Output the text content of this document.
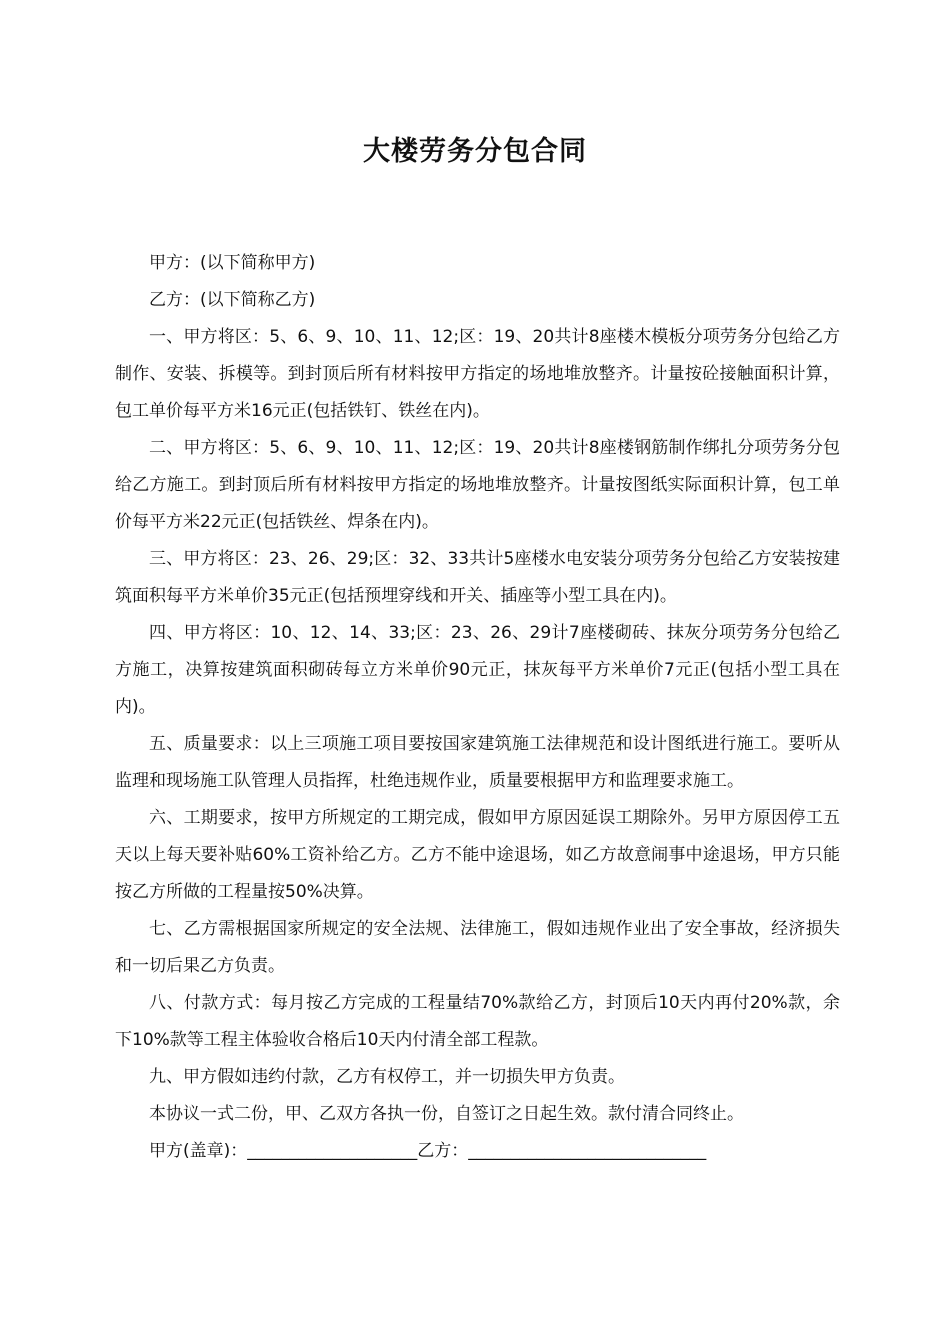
大楼劳务分包合同

甲方：(以下简称甲方)

乙方：(以下简称乙方)

一、甲方将区：5、6、9、10、11、12;区：19、20共计8座楼木模板分项劳务分包给乙方制作、安装、拆模等。到封顶后所有材料按甲方指定的场地堆放整齐。计量按砼接触面积计算，包工单价每平方米16元正(包括铁钉、铁丝在内)。

二、甲方将区：5、6、9、10、11、12;区：19、20共计8座楼钢筋制作绑扎分项劳务分包给乙方施工。到封顶后所有材料按甲方指定的场地堆放整齐。计量按图纸实际面积计算，包工单价每平方米22元正(包括铁丝、焊条在内)。

三、甲方将区：23、26、29;区：32、33共计5座楼水电安装分项劳务分包给乙方安装按建筑面积每平方米单价35元正(包括预埋穿线和开关、插座等小型工具在内)。

四、甲方将区：10、12、14、33;区：23、26、29计7座楼砌砖、抹灰分项劳务分包给乙方施工，决算按建筑面积砌砖每立方米单价90元正，抹灰每平方米单价7元正(包括小型工具在内)。

五、质量要求：以上三项施工项目要按国家建筑施工法律规范和设计图纸进行施工。要听从监理和现场施工队管理人员指挥，杜绝违规作业，质量要根据甲方和监理要求施工。

六、工期要求，按甲方所规定的工期完成，假如甲方原因延误工期除外。另甲方原因停工五天以上每天要补贴60%工资补给乙方。乙方不能中途退场，如乙方故意闹事中途退场，甲方只能按乙方所做的工程量按50%决算。

七、乙方需根据国家所规定的安全法规、法律施工，假如违规作业出了安全事故，经济损失和一切后果乙方负责。

八、付款方式：每月按乙方完成的工程量结70%款给乙方，封顶后10天内再付20%款，余下10%款等工程主体验收合格后10天内付清全部工程款。

九、甲方假如违约付款，乙方有权停工，并一切损失甲方负责。

本协议一式二份，甲、乙双方各执一份，自签订之日起生效。款付清合同终止。

甲方(盖章)：____________________乙方：____________________________
